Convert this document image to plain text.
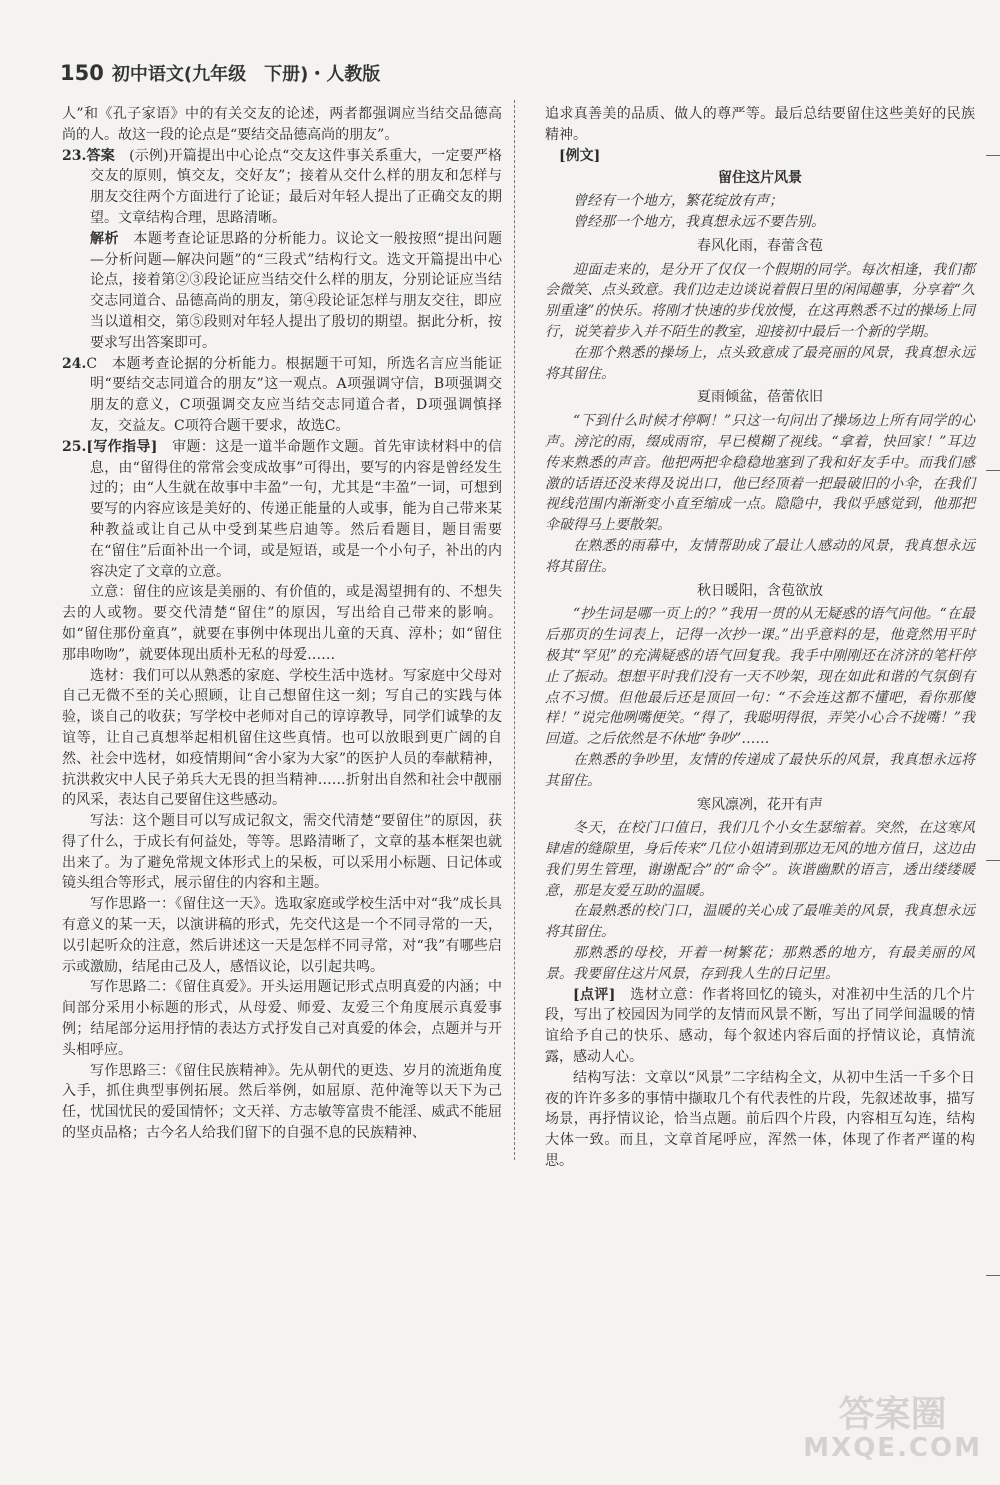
150 初中语文(九年级　下册)・人教版

人”和《孔子家语》中的有关交友的论述，两者都强调应当结交品德高尚的人。故这一段的论点是“要结交品德高尚的朋友”。

23.答案　 (示例)开篇提出中心论点“交友这件事关系重大，一定要严格交友的原则，慎交友，交好友”；接着从交什么样的朋友和怎样与朋友交往两个方面进行了论证；最后对年轻人提出了正确交友的期望。文章结构合理，思路清晰。

解析　 本题考查论证思路的分析能力。议论文一般按照“提出问题—分析问题—解决问题”的“三段式”结构行文。选文开篇提出中心论点，接着第②③段论证应当结交什么样的朋友，分别论证应当结交志同道合、品德高尚的朋友，第④段论证怎样与朋友交往，即应当以道相交，第⑤段则对年轻人提出了殷切的期望。据此分析，按要求写出答案即可。

24.C　本题考查论据的分析能力。根据题干可知，所选名言应当能证明“要结交志同道合的朋友”这一观点。A项强调守信，B项强调交朋友的意义，C项强调交友应当结交志同道合者，D项强调慎择友，交益友。C项符合题干要求，故选C。

25.[写作指导]　 审题：这是一道半命题作文题。首先审读材料中的信息，由“留得住的常常会变成故事”可得出，要写的内容是曾经发生过的；由“人生就在故事中丰盈”一句，尤其是“丰盈”一词，可想到要写的内容应该是美好的、传递正能量的人或事，能为自己带来某种教益或让自己从中受到某些启迪等。然后看题目，题目需要在“留住”后面补出一个词，或是短语，或是一个小句子，补出的内容决定了文章的立意。

立意：留住的应该是美丽的、有价值的，或是渴望拥有的、不想失去的人或物。要交代清楚“留住”的原因，写出给自己带来的影响。如“留住那份童真”，就要在事例中体现出儿童的天真、淳朴；如“留住那串吻吻”，就要体现出质朴无私的母爱……

选材：我们可以从熟悉的家庭、学校生活中选材。写家庭中父母对自己无微不至的关心照顾，让自己想留住这一刻；写自己的实践与体验，谈自己的收获；写学校中老师对自己的谆谆教导，同学们诚挚的友谊等，让自己真想举起相机留住这些真情。也可以放眼到更广阔的自然、社会中选材，如疫情期间“舍小家为大家”的医护人员的奉献精神，抗洪救灾中人民子弟兵大无畏的担当精神……折射出自然和社会中靓丽的风采，表达自己要留住这些感动。

写法：这个题目可以写成记叙文，需交代清楚“要留住”的原因，获得了什么，于成长有何益处，等等。思路清晰了，文章的基本框架也就出来了。为了避免常规文体形式上的呆板，可以采用小标题、日记体或镜头组合等形式，展示留住的内容和主题。

写作思路一：《留住这一天》。选取家庭或学校生活中对“我”成长具有意义的某一天，以演讲稿的形式，先交代这是一个不同寻常的一天，以引起听众的注意，然后讲述这一天是怎样不同寻常，对“我”有哪些启示或激励，结尾由己及人，感悟议论，以引起共鸣。

写作思路二：《留住真爱》。开头运用题记形式点明真爱的内涵；中间部分采用小标题的形式，从母爱、师爱、友爱三个角度展示真爱事例；结尾部分运用抒情的表达方式抒发自己对真爱的体会，点题并与开头相呼应。

写作思路三：《留住民族精神》。先从朝代的更迭、岁月的流逝角度入手，抓住典型事例拓展。然后举例，如屈原、范仲淹等以天下为己任，忧国忧民的爱国情怀；文天祥、方志敏等富贵不能淫、威武不能屈的坚贞品格；古今名人给我们留下的自强不息的民族精神、

追求真善美的品质、做人的尊严等。最后总结要留住这些美好的民族精神。

　[例文]

留住这片风景

曾经有一个地方，繁花绽放有声；

曾经那一个地方，我真想永远不要告别。

春风化雨，春蕾含苞

迎面走来的，是分开了仅仅一个假期的同学。每次相逢，我们都会微笑、点头致意。我们边走边谈说着假日里的闲闻趣事，分享着“久别重逢”的快乐。将刚才快速的步伐放慢，在这再熟悉不过的操场上同行，说笑着步入并不陌生的教室，迎接初中最后一个新的学期。

在那个熟悉的操场上，点头致意成了最亮丽的风景，我真想永远将其留住。

夏雨倾盆，蓓蕾依旧

“下到什么时候才停啊！”只这一句问出了操场边上所有同学的心声。滂沱的雨，缀成雨帘，早已模糊了视线。“拿着，快回家！”耳边传来熟悉的声音。他把两把伞稳稳地塞到了我和好友手中。而我们感激的话语还没来得及说出口，他已经顶着一把最破旧的小伞，在我们视线范围内渐渐变小直至缩成一点。隐隐中，我似乎感觉到，他那把伞破得马上要散架。

在熟悉的雨幕中，友情帮助成了最让人感动的风景，我真想永远将其留住。

秋日暖阳，含苞欲放

“抄生词是哪一页上的？”我用一贯的从无疑惑的语气问他。“在最后那页的生词表上，记得一次抄一课。”出乎意料的是，他竟然用平时极其“罕见”的充满疑惑的语气回复我。我手中刚刚还在济济的笔杆停止了振动。想想平时我们没有一天不吵架，现在如此和谐的气氛倒有点不习惯。但他最后还是顶回一句：“不会连这都不懂吧，看你那傻样！”说完他咧嘴便笑。“得了，我聪明得很，弄笑小心合不拢嘴！”我回道。之后依然是不休地“争吵”……

在熟悉的争吵里，友情的传递成了最快乐的风景，我真想永远将其留住。

寒风凛冽，花开有声

冬天，在校门口值日，我们几个小女生瑟缩着。突然，在这寒风肆虐的缝隙里，身后传来“几位小姐请到那边无风的地方值日，这边由我们男生管理，谢谢配合”的“命令”。诙谐幽默的语言，透出缕缕暖意，那是友爱互助的温暖。

在最熟悉的校门口，温暖的关心成了最唯美的风景，我真想永远将其留住。

那熟悉的母校，开着一树繁花；那熟悉的地方，有最美丽的风景。我要留住这片风景，存到我人生的日记里。

[点评]　 选材立意：作者将回忆的镜头，对准初中生活的几个片段，写出了校园因为同学的友情而风景不断，写出了同学间温暖的情谊给予自己的快乐、感动，每个叙述内容后面的抒情议论，真情流露，感动人心。

结构写法：文章以“风景”二字结构全文，从初中生活一千多个日夜的许许多多的事情中撷取几个有代表性的片段，先叙述故事，描写场景，再抒情议论，恰当点题。前后四个片段，内容相互勾连，结构大体一致。而且，文章首尾呼应，浑然一体，体现了作者严谨的构思。

答案圈
MXQE.COM
